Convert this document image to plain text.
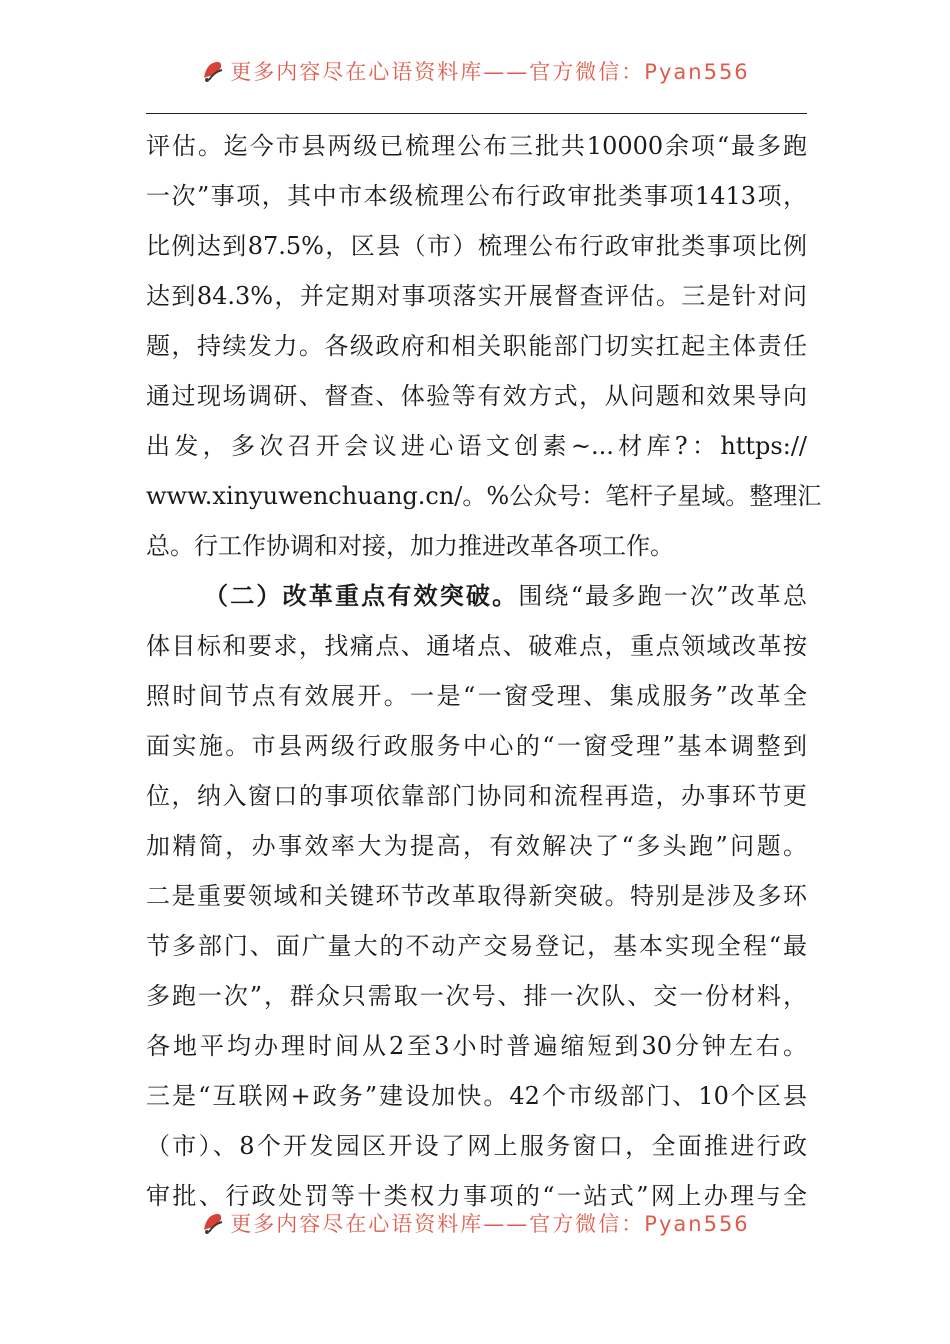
更多内容尽在心语资料库——官方微信：Pyan556
评估。迄今市县两级已梳理公布三批共10000余项“最多跑
一次”事项，其中市本级梳理公布行政审批类事项1413项，
比例达到87.5%，区县（市）梳理公布行政审批类事项比例
达到84.3%，并定期对事项落实开展督查评估。三是针对问
题，持续发力。各级政府和相关职能部门切实扛起主体责任
通过现场调研、督查、体验等有效方式，从问题和效果导向
出发，多次召开会议进心语文创素~...材库?：https://
www.xinyuwenchuang.cn/。%公众号：笔杆子星域。整理汇
总。行工作协调和对接，加力推进改革各项工作。
（二）改革重点有效突破。围绕“最多跑一次”改革总
体目标和要求，找痛点、通堵点、破难点，重点领域改革按
照时间节点有效展开。一是“一窗受理、集成服务”改革全
面实施。市县两级行政服务中心的“一窗受理”基本调整到
位，纳入窗口的事项依靠部门协同和流程再造，办事环节更
加精简，办事效率大为提高，有效解决了“多头跑”问题。
二是重要领域和关键环节改革取得新突破。特别是涉及多环
节多部门、面广量大的不动产交易登记，基本实现全程“最
多跑一次”，群众只需取一次号、排一次队、交一份材料，
各地平均办理时间从2至3小时普遍缩短到30分钟左右。
三是“互联网+政务”建设加快。42个市级部门、10个区县
（市）、8个开发园区开设了网上服务窗口，全面推进行政
审批、行政处罚等十类权力事项的“一站式”网上办理与全
更多内容尽在心语资料库——官方微信：Pyan556
